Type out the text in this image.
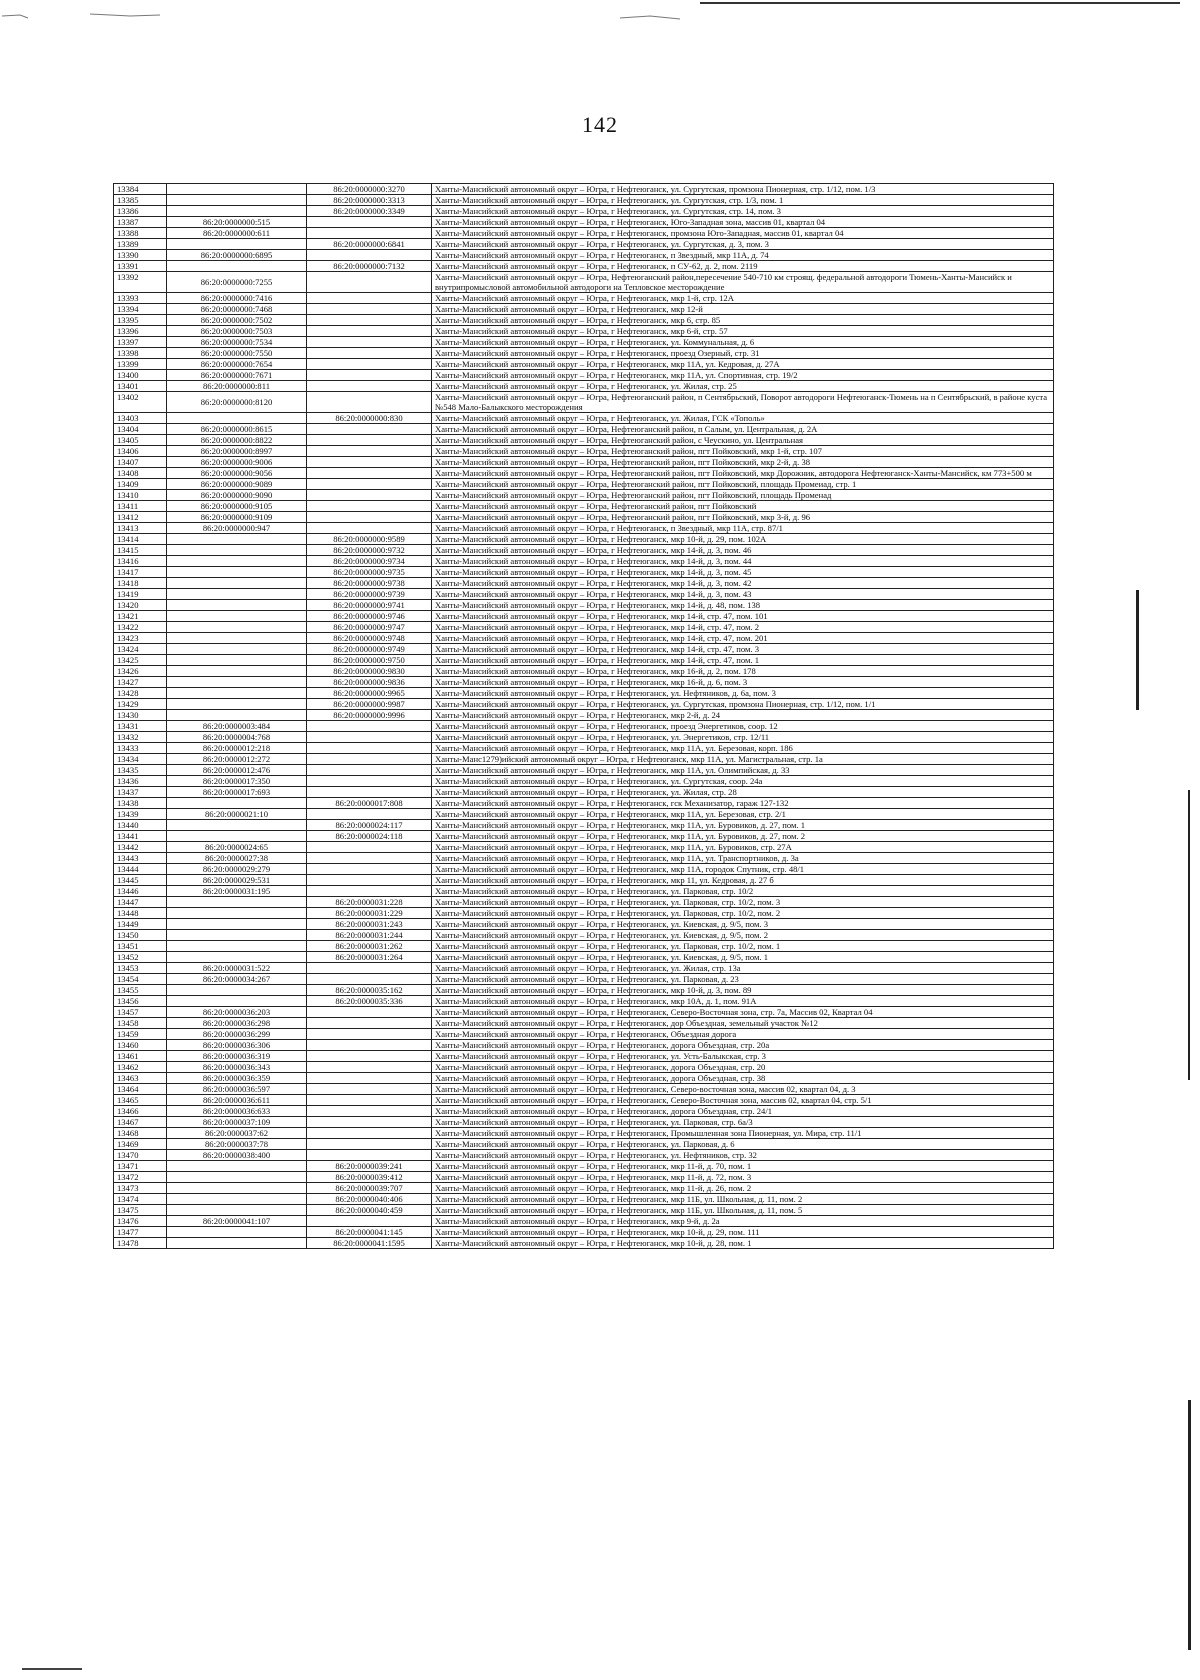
142
13384		86:20:0000000:3270	Ханты-Мансийский автономный округ – Югра, г Нефтеюганск, ул. Сургутская, промзона Пионерная, стр. 1/12, пом. 1/3
13385		86:20:0000000:3313	Ханты-Мансийский автономный округ – Югра, г Нефтеюганск, ул. Сургутская, стр. 1/3, пом. 1
13386		86:20:0000000:3349	Ханты-Мансийский автономный округ – Югра, г Нефтеюганск, ул. Сургутская, стр. 14, пом. 3
13387	86:20:0000000:515		Ханты-Мансийский автономный округ – Югра, г Нефтеюганск, Юго-Западная зона, массив 01, квартал 04
13388	86:20:0000000:611		Ханты-Мансийский автономный округ – Югра, г Нефтеюганск, промзона Юго-Западная, массив 01, квартал 04
13389		86:20:0000000:6841	Ханты-Мансийский автономный округ – Югра, г Нефтеюганск, ул. Сургутская, д. 3, пом. 3
13390	86:20:0000000:6895		Ханты-Мансийский автономный округ – Югра, г Нефтеюганск, п Звездный, мкр 11А, д. 74
13391		86:20:0000000:7132	Ханты-Мансийский автономный округ – Югра, г Нефтеюганск, п СУ-62, д. 2, пом. 2119
13392	86:20:0000000:7255		Ханты-Мансийский автономный округ – Югра, Нефтеюганский район,пересечение 540-710 км строящ. федеральной автодороги Тюмень-Ханты-Мансийск и внутрипромысловой автомобильной автодороги на Тепловское месторождение
13393	86:20:0000000:7416		Ханты-Мансийский автономный округ – Югра, г Нефтеюганск, мкр 1-й, стр. 12А
13394	86:20:0000000:7468		Ханты-Мансийский автономный округ – Югра, г Нефтеюганск, мкр 12-й
13395	86:20:0000000:7502		Ханты-Мансийский автономный округ – Югра, г Нефтеюганск, мкр 6, стр. 85
13396	86:20:0000000:7503		Ханты-Мансийский автономный округ – Югра, г Нефтеюганск, мкр 6-й, стр. 57
13397	86:20:0000000:7534		Ханты-Мансийский автономный округ – Югра, г Нефтеюганск, ул. Коммунальная, д. 6
13398	86:20:0000000:7550		Ханты-Мансийский автономный округ – Югра, г Нефтеюганск, проезд Озерный, стр. 31
13399	86:20:0000000:7654		Ханты-Мансийский автономный округ – Югра, г Нефтеюганск, мкр 11А, ул. Кедровая, д. 27А
13400	86:20:0000000:7671		Ханты-Мансийский автономный округ – Югра, г Нефтеюганск, мкр 11А, ул. Спортивная, стр. 19/2
13401	86:20:0000000:811		Ханты-Мансийский автономный округ – Югра, г Нефтеюганск, ул. Жилая, стр. 25
13402	86:20:0000000:8120		Ханты-Мансийский автономный округ – Югра, Нефтеюганский район, п Сентябрьский, Поворот автодороги Нефтеюганск-Тюмень на п Сентябрьский, в районе куста №548 Мало-Балыкского месторождения
13403		86:20:0000000:830	Ханты-Мансийский автономный округ – Югра, г Нефтеюганск, ул. Жилая, ГСК «Тополь»
13404	86:20:0000000:8615		Ханты-Мансийский автономный округ – Югра, Нефтеюганский район, п Салым, ул. Центральная, д. 2А
13405	86:20:0000000:8822		Ханты-Мансийский автономный округ – Югра, Нефтеюганский район, с Чеускино, ул. Центральная
13406	86:20:0000000:8997		Ханты-Мансийский автономный округ – Югра, Нефтеюганский район, пгт Пойковский, мкр 1-й, стр. 107
13407	86:20:0000000:9006		Ханты-Мансийский автономный округ – Югра, Нефтеюганский район, пгт Пойковский, мкр 2-й, д. 38
13408	86:20:0000000:9056		Ханты-Мансийский автономный округ – Югра, Нефтеюганский район, пгт Пойковский, мкр Дорожник, автодорога Нефтеюганск-Ханты-Мансийск, км 773+500 м
13409	86:20:0000000:9089		Ханты-Мансийский автономный округ – Югра, Нефтеюганский район, пгт Пойковский, площадь Промеиад, стр. 1
13410	86:20:0000000:9090		Ханты-Мансийский автономный округ – Югра, Нефтеюганский район, пгт Пойковский, площадь Променад
13411	86:20:0000000:9105		Ханты-Мансийский автономный округ – Югра, Нефтеюганский район, пгт Пойковский
13412	86:20:0000000:9109		Ханты-Мансийский автономный округ – Югра, Нефтеюганский район, пгт Пойковский, мкр 3-й, д. 96
13413	86:20:0000000:947		Ханты-Мансийский автономный округ – Югра, г Нефтеюганск, п Звездный, мкр 11А, стр. 87/1
13414		86:20:0000000:9589	Ханты-Мансийский автономный округ – Югра, г Нефтеюганск, мкр 10-й, д. 29, пом. 102А
13415		86:20:0000000:9732	Ханты-Мансийский автономный округ – Югра, г Нефтеюганск, мкр 14-й, д. 3, пом. 46
13416		86:20:0000000:9734	Ханты-Мансийский автономный округ – Югра, г Нефтеюганск, мкр 14-й, д. 3, пом. 44
13417		86:20:0000000:9735	Ханты-Мансийский автономный округ – Югра, г Нефтеюганск, мкр 14-й, д. 3, пом. 45
13418		86:20:0000000:9738	Ханты-Мансийский автономный округ – Югра, г Нефтеюганск, мкр 14-й, д. 3, пом. 42
13419		86:20:0000000:9739	Ханты-Мансийский автономный округ – Югра, г Нефтеюганск, мкр 14-й, д. 3, пом. 43
13420		86:20:0000000:9741	Ханты-Мансийский автономный округ – Югра, г Нефтеюганск, мкр 14-й, д. 48, пом. 138
13421		86:20:0000000:9746	Ханты-Мансийский автономный округ – Югра, г Нефтеюганск, мкр 14-й, стр. 47, пом. 101
13422		86:20:0000000:9747	Ханты-Мансийский автономный округ – Югра, г Нефтеюганск, мкр 14-й, стр. 47, пом. 2
13423		86:20:0000000:9748	Ханты-Мансийский автономный округ – Югра, г Нефтеюганск, мкр 14-й, стр. 47, пом. 201
13424		86:20:0000000:9749	Ханты-Мансийский автономный округ – Югра, г Нефтеюганск, мкр 14-й, стр. 47, пом. 3
13425		86:20:0000000:9750	Ханты-Мансийский автономный округ – Югра, г Нефтеюганск, мкр 14-й, стр. 47, пом. 1
13426		86:20:0000000:9830	Ханты-Мансийский автономный округ – Югра, г Нефтеюганск, мкр 16-й, д. 2, пом. 178
13427		86:20:0000000:9836	Ханты-Мансийский автономный округ – Югра, г Нефтеюганск, мкр 16-й, д. 6, пом. 3
13428		86:20:0000000:9965	Ханты-Мансийский автономный округ – Югра, г Нефтеюганск, ул. Нефтяников, д. 6а, пом. 3
13429		86:20:0000000:9987	Ханты-Мансийский автономный округ – Югра, г Нефтеюганск, ул. Сургутская, промзона Пионерная, стр. 1/12, пом. 1/1
13430		86:20:0000000:9996	Ханты-Мансийский автономный округ – Югра, г Нефтеюганск, мкр 2-й, д. 24
13431	86:20:0000003:484		Ханты-Мансийский автономный округ – Югра, г Нефтеюганск, проезд Энергетиков, соор. 12
13432	86:20:0000004:768		Ханты-Мансийский автономный округ – Югра, г Нефтеюганск, ул. Энергетиков, стр. 12/11
13433	86:20:0000012:218		Ханты-Мансийский автономный округ – Югра, г Нефтеюганск, мкр 11А, ул. Березовая, корп. 186
13434	86:20:0000012:272		Ханты-Манс1279)ийский автономный округ – Югра, г Нефтеюганск, мкр 11А, ул. Магистральная, стр. 1а
13435	86:20:0000012:476		Ханты-Мансийский автономный округ – Югра, г Нефтеюганск, мкр 11А, ул. Олимпийская, д. 33
13436	86:20:0000017:350		Ханты-Мансийский автономный округ – Югра, г Нефтеюганск, ул. Сургутская, соор. 24а
13437	86:20:0000017:693		Ханты-Мансийский автономный округ – Югра, г Нефтеюганск, ул. Жилая, стр. 28
13438		86:20:0000017:808	Ханты-Мансийский автономный округ – Югра, г Нефтеюганск, гск Механизатор, гараж 127-132
13439	86:20:0000021:10		Ханты-Мансийский автономный округ – Югра, г Нефтеюганск, мкр 11А, ул. Березовая, стр. 2/1
13440		86:20:0000024:117	Ханты-Мансийский автономный округ – Югра, г Нефтеюганск, мкр 11А, ул. Буровиков, д. 27, пом. 1
13441		86:20:0000024:118	Ханты-Мансийский автономный округ – Югра, г Нефтеюганск, мкр 11А, ул. Буровиков, д. 27, пом. 2
13442	86:20:0000024:65		Ханты-Мансийский автономный округ – Югра, г Нефтеюганск, мкр 11А, ул. Буровиков, стр. 27А
13443	86:20:0000027:38		Ханты-Мансийский автономный округ – Югра, г Нефтеюганск, мкр 11А, ул. Транспортников, д. 3а
13444	86:20:0000029:279		Ханты-Мансийский автономный округ – Югра, г Нефтеюганск, мкр 11А, городок Спутник, стр. 48/1
13445	86:20:0000029:531		Ханты-Мансийский автономный округ – Югра, г Нефтеюганск, мкр 11, ул. Кедровая, д. 27 б
13446	86:20:0000031:195		Ханты-Мансийский автономный округ – Югра, г Нефтеюганск, ул. Парковая, стр. 10/2
13447		86:20:0000031:228	Ханты-Мансийский автономный округ – Югра, г Нефтеюганск, ул. Парковая, стр. 10/2, пом. 3
13448		86:20:0000031:229	Ханты-Мансийский автономный округ – Югра, г Нефтеюганск, ул. Парковая, стр. 10/2, пом. 2
13449		86:20:0000031:243	Ханты-Мансийский автономный округ – Югра, г Нефтеюганск, ул. Киевская, д. 9/5, пом. 3
13450		86:20:0000031:244	Ханты-Мансийский автономный округ – Югра, г Нефтеюганск, ул. Киевская, д. 9/5, пом. 2
13451		86:20:0000031:262	Ханты-Мансийский автономный округ – Югра, г Нефтеюганск, ул. Парковая, стр. 10/2, пом. 1
13452		86:20:0000031:264	Ханты-Мансийский автономный округ – Югра, г Нефтеюганск, ул. Киевская, д. 9/5, пом. 1
13453	86:20:0000031:522		Ханты-Мансийский автономный округ – Югра, г Нефтеюганск, ул. Жилая, стр. 13а
13454	86:20:0000034:267		Ханты-Мансийский автономный округ – Югра, г Нефтеюганск, ул. Парковая, д. 23
13455		86:20:0000035:162	Ханты-Мансийский автономный округ – Югра, г Нефтеюганск, мкр 10-й, д. 3, пом. 89
13456		86:20:0000035:336	Ханты-Мансийский автономный округ – Югра, г Нефтеюганск, мкр 10А, д. 1, пом. 91А
13457	86:20:0000036:203		Ханты-Мансийский автономный округ – Югра, г Нефтеюганск, Северо-Восточная зона, стр. 7а, Массив 02, Квартал 04
13458	86:20:0000036:298		Ханты-Мансийский автономный округ – Югра, г Нефтеюганск, дор Объездная, земельный участок №12
13459	86:20:0000036:299		Ханты-Мансийский автономный округ – Югра, г Нефтеюганск, Объездная дорога
13460	86:20:0000036:306		Ханты-Мансийский автономный округ – Югра, г Нефтеюганск, дорога Объездная, стр. 20а
13461	86:20:0000036:319		Ханты-Мансийский автономный округ – Югра, г Нефтеюганск, ул. Усть-Балыкская, стр. 3
13462	86:20:0000036:343		Ханты-Мансийский автономный округ – Югра, г Нефтеюганск, дорога Объездная, стр. 20
13463	86:20:0000036:359		Ханты-Мансийский автономный округ – Югра, г Нефтеюганск, дорога Объездная, стр. 38
13464	86:20:0000036:597		Ханты-Мансийский автономный округ – Югра, г Нефтеюганск, Северо-восточная зона, массив 02, квартал 04, д. 3
13465	86:20:0000036:611		Ханты-Мансийский автономный округ – Югра, г Нефтеюганск, Северо-Восточная зона, массив 02, квартал 04, стр. 5/1
13466	86:20:0000036:633		Ханты-Мансийский автономный округ – Югра, г Нефтеюганск, дорога Объездная, стр. 24/1
13467	86:20:0000037:109		Ханты-Мансийский автономный округ – Югра, г Нефтеюганск, ул. Парковая, стр. 6а/3
13468	86:20:0000037:62		Ханты-Мансийский автономный округ – Югра, г Нефтеюганск, Промышленная зона Пионерная, ул. Мира, стр. 11/1
13469	86:20:0000037:78		Ханты-Мансийский автономный округ – Югра, г Нефтеюганск, ул. Парковая, д. 6
13470	86:20:0000038:400		Ханты-Мансийский автономный округ – Югра, г Нефтеюганск, ул. Нефтяников, стр. 32
13471		86:20:0000039:241	Ханты-Мансийский автономный округ – Югра, г Нефтеюганск, мкр 11-й, д. 70, пом. 1
13472		86:20:0000039:412	Ханты-Мансийский автономный округ – Югра, г Нефтеюганск, мкр 11-й, д. 72, пом. 3
13473		86:20:0000039:707	Ханты-Мансийский автономный округ – Югра, г Нефтеюганск, мкр 11-й, д. 26, пом. 2
13474		86:20:0000040:406	Ханты-Мансийский автономный округ – Югра, г Нефтеюганск, мкр 11Б, ул. Школьная, д. 11, пом. 2
13475		86:20:0000040:459	Ханты-Мансийский автономный округ – Югра, г Нефтеюганск, мкр 11Б, ул. Школьная, д. 11, пом. 5
13476	86:20:0000041:107		Ханты-Мансийский автономный округ – Югра, г Нефтеюганск, мкр 9-й, д. 2а
13477		86:20:0000041:145	Ханты-Мансийский автономный округ – Югра, г Нефтеюганск, мкр 10-й, д. 29, пом. 111
13478		86:20:0000041:1595	Ханты-Мансийский автономный округ – Югра, г Нефтеюганск, мкр 10-й, д. 28, пом. 1
